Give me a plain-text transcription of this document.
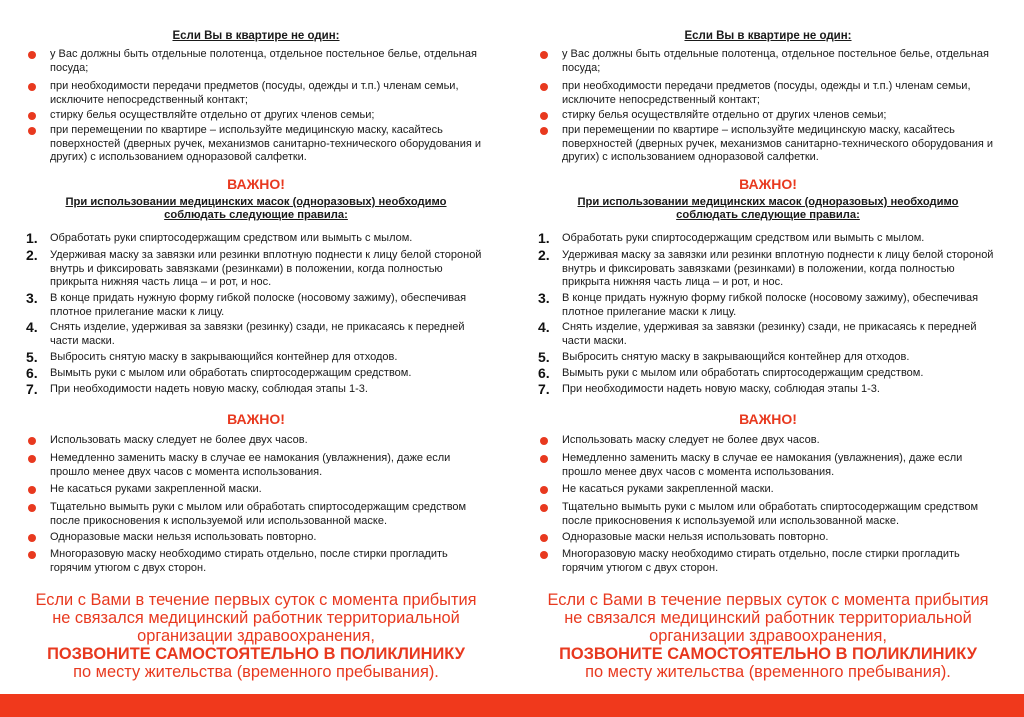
Если Вы в квартире не один:
у Вас должны быть отдельные полотенца, отдельное постельное белье, отдельная посуда;
при необходимости передачи предметов (посуды, одежды и т.п.) членам семьи, исключите непосредственный контакт;
стирку белья осуществляйте отдельно от других членов семьи;
при перемещении по квартире – используйте медицинскую маску, касайтесь поверхностей (дверных ручек, механизмов санитарно-технического оборудования и других) с использованием одноразовой салфетки.

ВАЖНО!

При использовании медицинских масок (одноразовых) необходимо
соблюдать следующие правила:
1. Обработать руки спиртосодержащим средством или вымыть с мылом.
2. Удерживая маску за завязки или резинки вплотную поднести к лицу белой стороной внутрь и фиксировать завязками (резинками) в положении, когда полностью прикрыта нижняя часть лица – и рот, и нос.
3. В конце придать нужную форму гибкой полоске (носовому зажиму), обеспечивая плотное прилегание маски к лицу.
4. Снять изделие, удерживая за завязки (резинку) сзади, не прикасаясь к передней части маски.
5. Выбросить снятую маску в закрывающийся контейнер для отходов.
6. Вымыть руки с мылом или обработать спиртосодержащим средством.
7. При необходимости надеть новую маску, соблюдая этапы 1-3.

ВАЖНО!

Использовать маску следует не более двух часов.
Немедленно заменить маску в случае ее намокания (увлажнения), даже если прошло менее двух часов с момента использования.
Не касаться руками закрепленной маски.
Тщательно вымыть руки с мылом или обработать спиртосодержащим средством после прикосновения к используемой или использованной маске.
Одноразовые маски нельзя использовать повторно.
Многоразовую маску необходимо стирать отдельно, после стирки прогладить горячим утюгом с двух сторон.
Если с Вами в течение первых суток с момента прибытия
не связался медицинский работник территориальной
организации здравоохранения,
ПОЗВОНИТЕ САМОСТОЯТЕЛЬНО В ПОЛИКЛИНИКУ
по месту жительства (временного пребывания).
Если Вы в квартире не один:
у Вас должны быть отдельные полотенца, отдельное постельное белье, отдельная посуда;
при необходимости передачи предметов (посуды, одежды и т.п.) членам семьи, исключите непосредственный контакт;
стирку белья осуществляйте отдельно от других членов семьи;
при перемещении по квартире – используйте медицинскую маску, касайтесь поверхностей (дверных ручек, механизмов санитарно-технического оборудования и других) с использованием одноразовой салфетки.

ВАЖНО!

При использовании медицинских масок (одноразовых) необходимо
соблюдать следующие правила:
1. Обработать руки спиртосодержащим средством или вымыть с мылом.
2. Удерживая маску за завязки или резинки вплотную поднести к лицу белой стороной внутрь и фиксировать завязками (резинками) в положении, когда полностью прикрыта нижняя часть лица – и рот, и нос.
3. В конце придать нужную форму гибкой полоске (носовому зажиму), обеспечивая плотное прилегание маски к лицу.
4. Снять изделие, удерживая за завязки (резинку) сзади, не прикасаясь к передней части маски.
5. Выбросить снятую маску в закрывающийся контейнер для отходов.
6. Вымыть руки с мылом или обработать спиртосодержащим средством.
7. При необходимости надеть новую маску, соблюдая этапы 1-3.

ВАЖНО!

Использовать маску следует не более двух часов.
Немедленно заменить маску в случае ее намокания (увлажнения), даже если прошло менее двух часов с момента использования.
Не касаться руками закрепленной маски.
Тщательно вымыть руки с мылом или обработать спиртосодержащим средством после прикосновения к используемой или использованной маске.
Одноразовые маски нельзя использовать повторно.
Многоразовую маску необходимо стирать отдельно, после стирки прогладить горячим утюгом с двух сторон.
Если с Вами в течение первых суток с момента прибытия
не связался медицинский работник территориальной
организации здравоохранения,
ПОЗВОНИТЕ САМОСТОЯТЕЛЬНО В ПОЛИКЛИНИКУ
по месту жительства (временного пребывания).
